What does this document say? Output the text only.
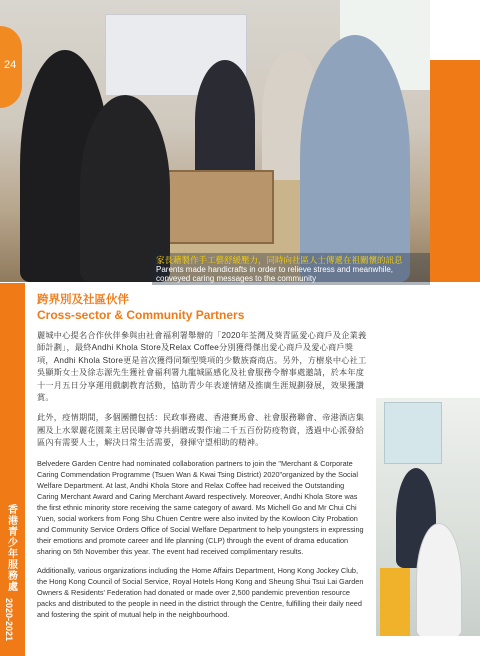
家長藉製作手工藝舒緩壓力，同時向社區人士傳遞在祖關懷的訊息
Parents made handicrafts in order to relieve stress and meanwhile, conveyed caring messages to the community
24
香港青少年服務處
2020-2021
跨界別及社區伙伴
Cross-sector & Community Partners

麗城中心提名合作伙伴參與由社會福利署舉辦的「2020年荃灣及葵青區愛心商戶及企業義師計劃」，最終Andhi Khola Store及Relax Coffee分別獲得傑出愛心商戶及愛心商戶獎項，Andhi Khola Store更是首次獲得同類型獎項的少數族裔商店。另外，方樹泉中心社工吳顯斯女士及徐志源先生獲社會福利署九龍城區感化及社會服務令辦事處邀請，於本年度十一月五日分享運用戲劇教育活動，協助青少年表達情緒及推廣生涯規劃發展，效果獲讚賞。

此外，疫情期間，多個團體包括：民政事務處、香港賽馬會、社會服務聯會、帝港酒店集團及上水翠麗花園業主居民聯會等共捐贈或製作逾二千五百份防疫物資，透過中心派發給區內有需要人士，解決日常生活需要，發揮守望相助的精神。

Belvedere Garden Centre had nominated collaboration partners to join the "Merchant & Corporate Caring Commendation Programme (Tsuen Wan & Kwai Tsing District) 2020"organized by the Social Welfare Department. At last, Andhi Khola Store and Relax Coffee had received the Outstanding Caring Merchant Award and Caring Merchant Award respectively. Moreover, Andhi Khola Store was the first ethnic minority store receiving the same category of award. Ms Michell Go and Mr Chui Chi Yuen, social workers from Fong Shu Chuen Centre were also invited by the Kowloon City Probation and Community Service Orders Office of Social Welfare Department to help youngsters in expressing their emotions and promote career and life planning (CLP) through the event of drama education sharing on 5th November this year. The event had received complimentary results.

Additionally, various organizations including the Home Affairs Department, Hong Kong Jockey Club, the Hong Kong Council of Social Service, Royal Hotels Hong Kong and Sheung Shui Tsui Lai Garden Owners & Residents' Federation had donated or made over 2,500 pandemic prevention resource packs and distributed to the people in need in the district through the Centre, fulfilling their daily need and fostering the spirit of mutual help in the neighbourhood.
